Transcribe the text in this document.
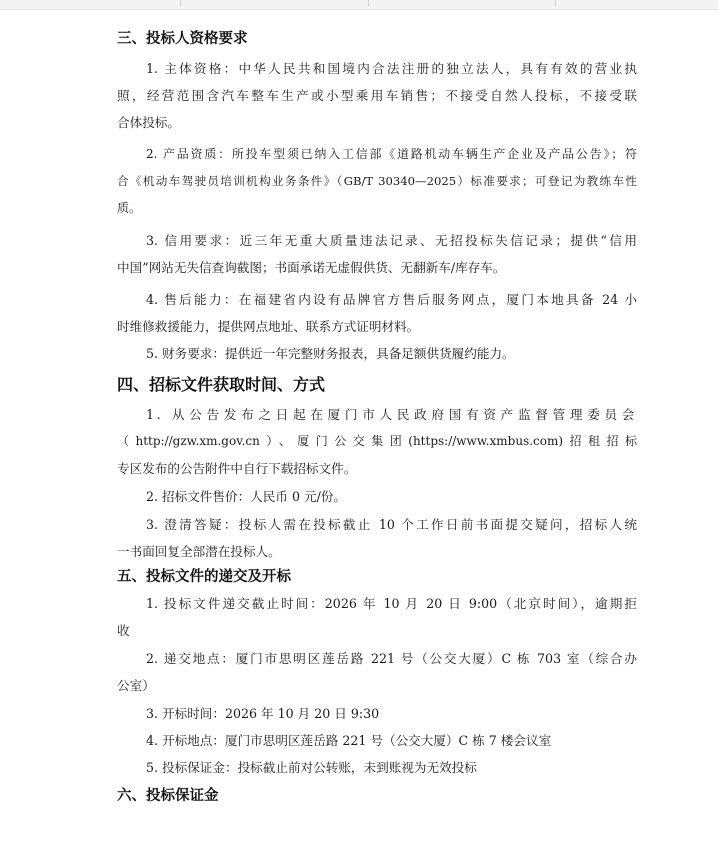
三、投标人资格要求
1. 主体资格：中华人民共和国境内合法注册的独立法人，具有有效的营业执
照，经营范围含汽车整车生产或小型乘用车销售；不接受自然人投标，不接受联
合体投标。
2. 产品资质：所投车型须已纳入工信部《道路机动车辆生产企业及产品公告》；符
合《机动车驾驶员培训机构业务条件》（GB/T 30340—2025）标准要求；可登记为教练车性
质。
3. 信用要求：近三年无重大质量违法记录、无招投标失信记录；提供“信用
中国”网站无失信查询截图；书面承诺无虚假供货、无翻新车/库存车。
4. 售后能力：在福建省内设有品牌官方售后服务网点，厦门本地具备 24 小
时维修救援能力，提供网点地址、联系方式证明材料。
5. 财务要求：提供近一年完整财务报表，具备足额供货履约能力。
四、招标文件获取时间、方式
1. 从公告发布之日起在厦门市人民政府国有资产监督管理委员会
（http://gzw.xm.gov.cn）、厦门公交集团(https://www.xmbus.com)招租招标
专区发布的公告附件中自行下载招标文件。
2. 招标文件售价：人民币 0 元/份。
3. 澄清答疑：投标人需在投标截止 10 个工作日前书面提交疑问，招标人统
一书面回复全部潜在投标人。
五、投标文件的递交及开标
1. 投标文件递交截止时间：2026 年 10 月 20 日 9:00（北京时间），逾期拒
收
2. 递交地点：厦门市思明区莲岳路 221 号（公交大厦）C 栋 703 室（综合办
公室）
3. 开标时间：2026 年 10 月 20 日 9:30
4. 开标地点：厦门市思明区莲岳路 221 号（公交大厦）C 栋 7 楼会议室
5. 投标保证金：投标截止前对公转账，未到账视为无效投标
六、投标保证金
